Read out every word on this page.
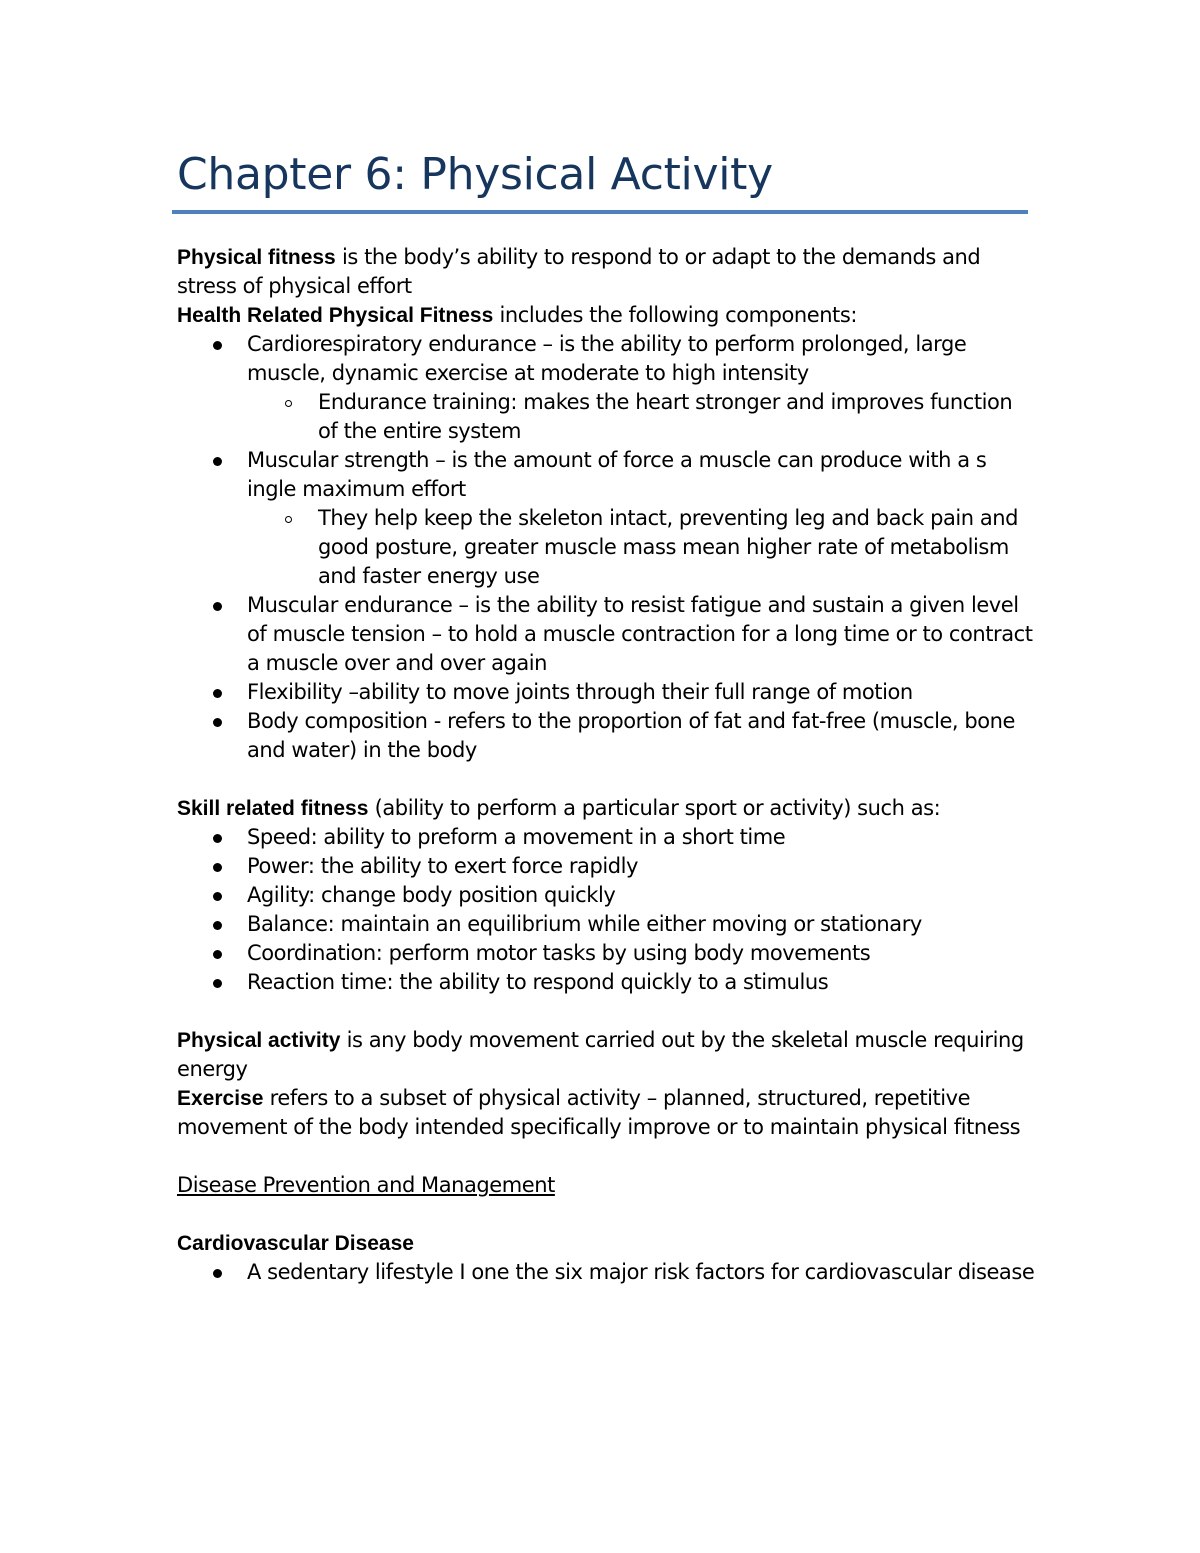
Chapter 6: Physical Activity

Physical fitness is the body’s ability to respond to or adapt to the demands and stress of physical effort

Health Related Physical Fitness includes the following components:

Cardiorespiratory endurance – is the ability to perform prolonged, large muscle, dynamic exercise at moderate to high intensity
Endurance training: makes the heart stronger and improves function of the entire system
Muscular strength – is the amount of force a muscle can produce with a s ingle maximum effort
They help keep the skeleton intact, preventing leg and back pain and good posture, greater muscle mass mean higher rate of metabolism and faster energy use
Muscular endurance – is the ability to resist fatigue and sustain a given level of muscle tension – to hold a muscle contraction for a long time or to contract a muscle over and over again
Flexibility –ability to move joints through their full range of motion
Body composition - refers to the proportion of fat and fat-free (muscle, bone and water) in the body

Skill related fitness (ability to perform a particular sport or activity) such as:

Speed: ability to preform a movement in a short time
Power: the ability to exert force rapidly
Agility: change body position quickly
Balance: maintain an equilibrium while either moving or stationary
Coordination: perform motor tasks by using body movements
Reaction time: the ability to respond quickly to a stimulus

Physical activity is any body movement carried out by the skeletal muscle requiring energy

Exercise refers to a subset of physical activity – planned, structured, repetitive movement of the body intended specifically improve or to maintain physical fitness

Disease Prevention and Management

Cardiovascular Disease

A sedentary lifestyle I one the six major risk factors for cardiovascular disease
